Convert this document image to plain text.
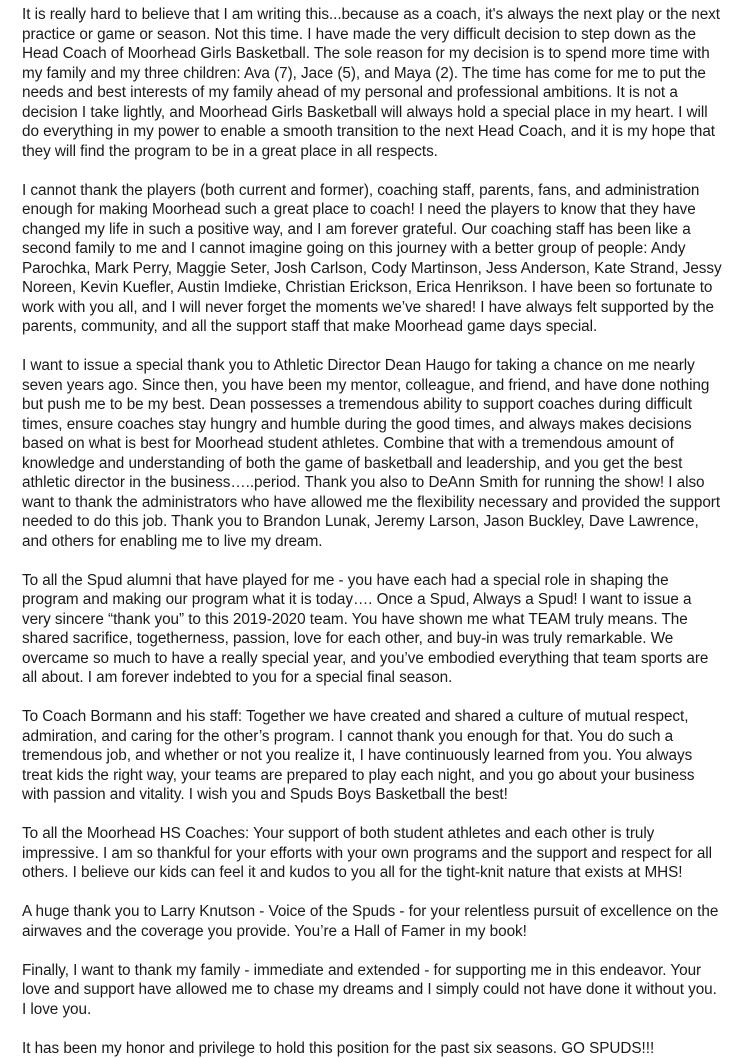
It is really hard to believe that I am writing this...because as a coach, it's always the next play or the next practice or game or season. Not this time. I have made the very difficult decision to step down as the Head Coach of Moorhead Girls Basketball. The sole reason for my decision is to spend more time with my family and my three children: Ava (7), Jace (5), and Maya (2). The time has come for me to put the needs and best interests of my family ahead of my personal and professional ambitions. It is not a decision I take lightly, and Moorhead Girls Basketball will always hold a special place in my heart. I will do everything in my power to enable a smooth transition to the next Head Coach, and it is my hope that they will find the program to be in a great place in all respects.

I cannot thank the players (both current and former), coaching staff, parents, fans, and administration enough for making Moorhead such a great place to coach! I need the players to know that they have changed my life in such a positive way, and I am forever grateful. Our coaching staff has been like a second family to me and I cannot imagine going on this journey with a better group of people: Andy Parochka, Mark Perry, Maggie Seter, Josh Carlson, Cody Martinson, Jess Anderson, Kate Strand, Jessy Noreen, Kevin Kuefler, Austin Imdieke, Christian Erickson, Erica Henrikson. I have been so fortunate to work with you all, and I will never forget the moments we’ve shared! I have always felt supported by the parents, community, and all the support staff that make Moorhead game days special.

I want to issue a special thank you to Athletic Director Dean Haugo for taking a chance on me nearly seven years ago. Since then, you have been my mentor, colleague, and friend, and have done nothing but push me to be my best. Dean possesses a tremendous ability to support coaches during difficult times, ensure coaches stay hungry and humble during the good times, and always makes decisions based on what is best for Moorhead student athletes. Combine that with a tremendous amount of knowledge and understanding of both the game of basketball and leadership, and you get the best athletic director in the business…..period. Thank you also to DeAnn Smith for running the show! I also want to thank the administrators who have allowed me the flexibility necessary and provided the support needed to do this job. Thank you to Brandon Lunak, Jeremy Larson, Jason Buckley, Dave Lawrence, and others for enabling me to live my dream.

To all the Spud alumni that have played for me - you have each had a special role in shaping the program and making our program what it is today…. Once a Spud, Always a Spud! I want to issue a very sincere “thank you” to this 2019-2020 team. You have shown me what TEAM truly means. The shared sacrifice, togetherness, passion, love for each other, and buy-in was truly remarkable. We overcame so much to have a really special year, and you’ve embodied everything that team sports are all about. I am forever indebted to you for a special final season.

To Coach Bormann and his staff: Together we have created and shared a culture of mutual respect, admiration, and caring for the other’s program. I cannot thank you enough for that. You do such a tremendous job, and whether or not you realize it, I have continuously learned from you. You always treat kids the right way, your teams are prepared to play each night, and you go about your business with passion and vitality. I wish you and Spuds Boys Basketball the best!

To all the Moorhead HS Coaches: Your support of both student athletes and each other is truly impressive. I am so thankful for your efforts with your own programs and the support and respect for all others. I believe our kids can feel it and kudos to you all for the tight-knit nature that exists at MHS!

A huge thank you to Larry Knutson - Voice of the Spuds - for your relentless pursuit of excellence on the airwaves and the coverage you provide. You’re a Hall of Famer in my book!

Finally, I want to thank my family - immediate and extended - for supporting me in this endeavor. Your love and support have allowed me to chase my dreams and I simply could not have done it without you. I love you.

It has been my honor and privilege to hold this position for the past six seasons. GO SPUDS!!!
